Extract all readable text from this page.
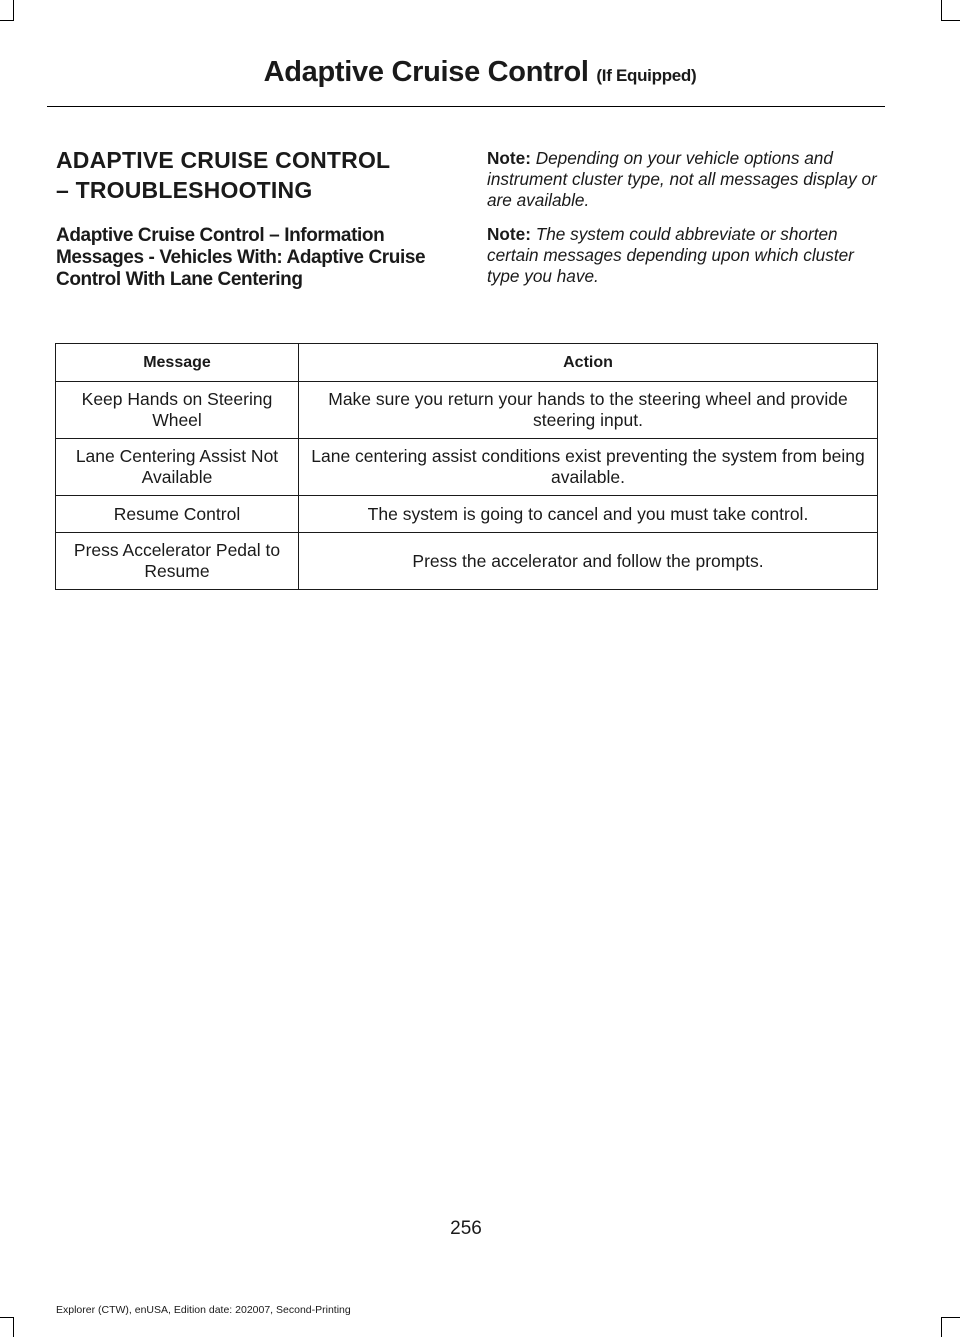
Adaptive Cruise Control (If Equipped)
ADAPTIVE CRUISE CONTROL
– TROUBLESHOOTING
Adaptive Cruise Control – Information Messages - Vehicles With: Adaptive Cruise Control With Lane Centering

Note: Depending on your vehicle options and instrument cluster type, not all messages display or are available.

Note: The system could abbreviate or shorten certain messages depending upon which cluster type you have.

Message	Action
Keep Hands on Steering Wheel	Make sure you return your hands to the steering wheel and provide steering input.
Lane Centering Assist Not Available	Lane centering assist conditions exist preventing the system from being available.
Resume Control	The system is going to cancel and you must take control.
Press Accelerator Pedal to Resume	Press the accelerator and follow the prompts.
256
Explorer (CTW), enUSA, Edition date: 202007, Second-Printing
